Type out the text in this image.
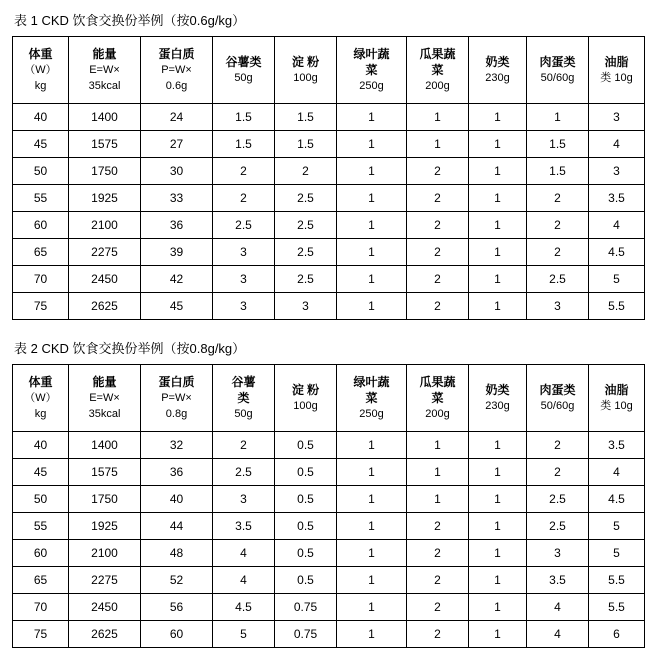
表 1 CKD 饮食交换份举例（按0.6g/kg）
体重
（W）
kg	能量
E=W×
35kcal	蛋白质
P=W×
0.6g	谷薯类
50g	淀 粉
100g	绿叶蔬
菜
250g	瓜果蔬
菜
200g	奶类
230g	肉蛋类
50/60g	油脂
类 10g

40	1400	24	1.5	1.5	1	1	1	1	3
45	1575	27	1.5	1.5	1	1	1	1.5	4
50	1750	30	2	2	1	2	1	1.5	3
55	1925	33	2	2.5	1	2	1	2	3.5
60	2100	36	2.5	2.5	1	2	1	2	4
65	2275	39	3	2.5	1	2	1	2	4.5
70	2450	42	3	2.5	1	2	1	2.5	5
75	2625	45	3	3	1	2	1	3	5.5
表 2 CKD 饮食交换份举例（按0.8g/kg）
体重
（W）
kg	能量
E=W×
35kcal	蛋白质
P=W×
0.8g	谷薯
类
50g	淀 粉
100g	绿叶蔬
菜
250g	瓜果蔬
菜
200g	奶类
230g	肉蛋类
50/60g	油脂
类 10g

40	1400	32	2	0.5	1	1	1	2	3.5
45	1575	36	2.5	0.5	1	1	1	2	4
50	1750	40	3	0.5	1	1	1	2.5	4.5
55	1925	44	3.5	0.5	1	2	1	2.5	5
60	2100	48	4	0.5	1	2	1	3	5
65	2275	52	4	0.5	1	2	1	3.5	5.5
70	2450	56	4.5	0.75	1	2	1	4	5.5
75	2625	60	5	0.75	1	2	1	4	6
